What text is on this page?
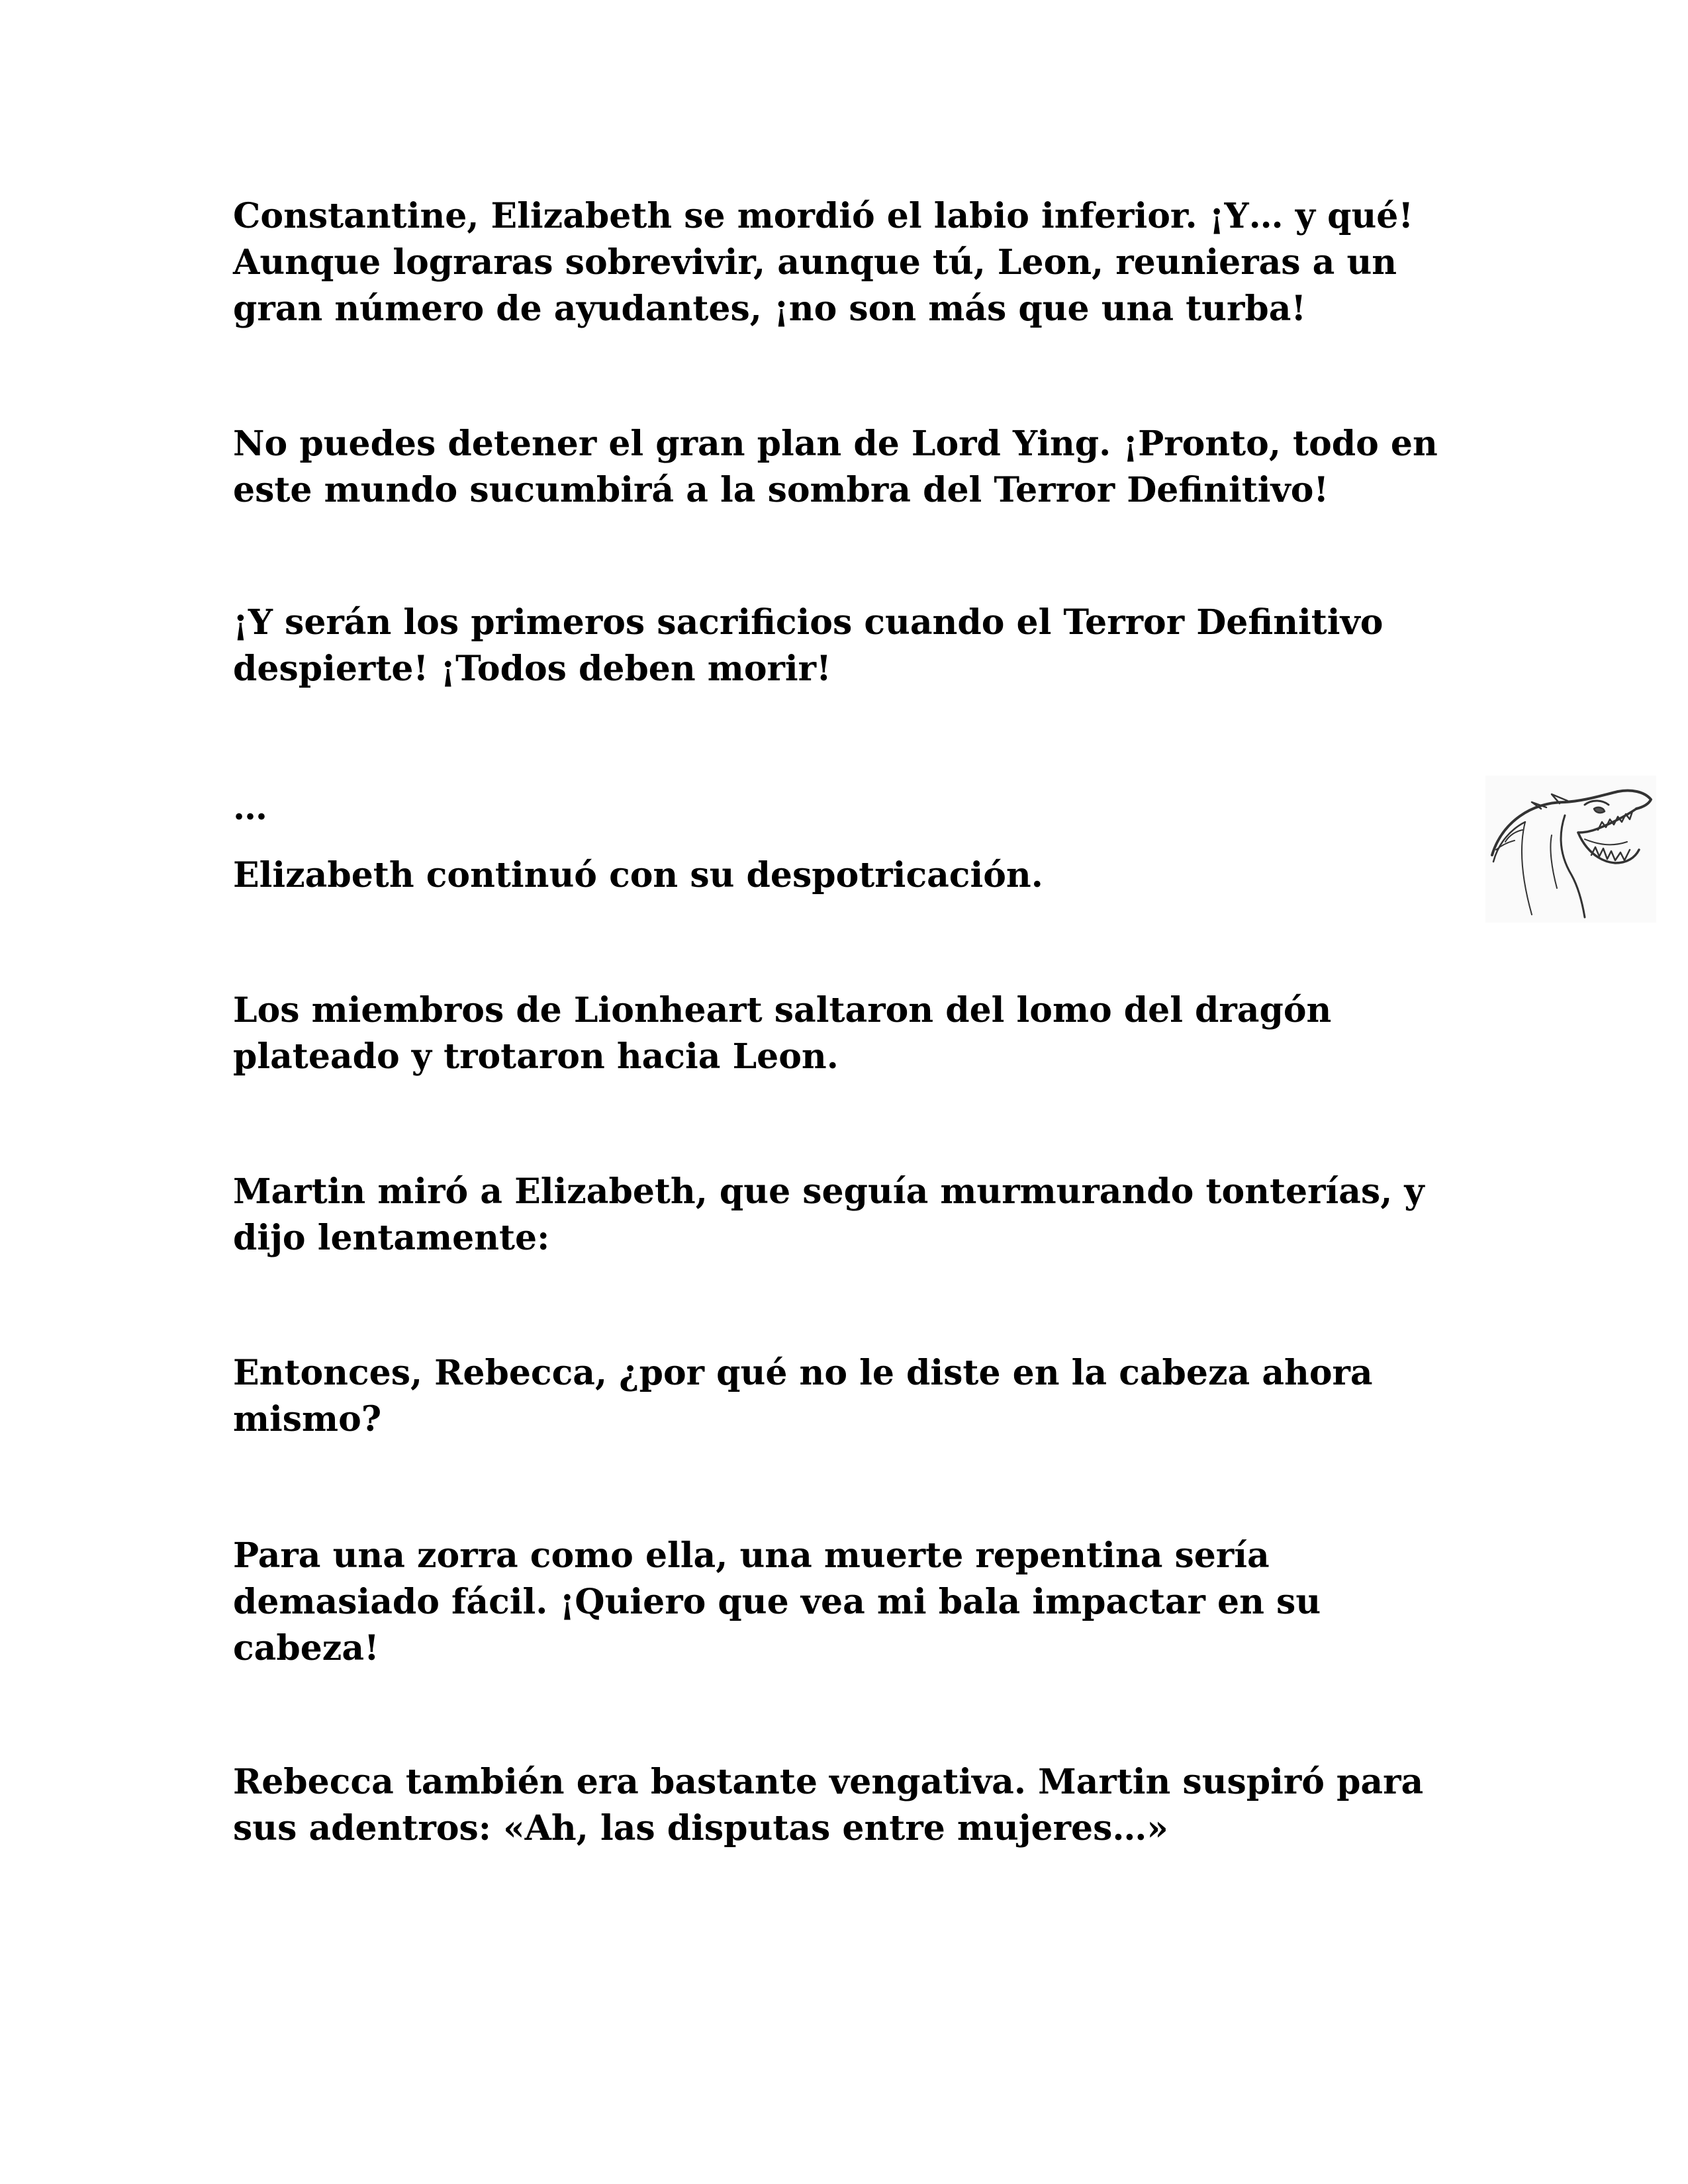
Constantine, Elizabeth se mordió el labio inferior. ¡Y… y qué! Aunque lograras sobrevivir, aunque tú, Leon, reunieras a un gran número de ayudantes, ¡no son más que una turba!

No puedes detener el gran plan de Lord Ying. ¡Pronto, todo en este mundo sucumbirá a la sombra del Terror Definitivo!

¡Y serán los primeros sacrificios cuando el Terror Definitivo despierte! ¡Todos deben morir!

…

Elizabeth continuó con su despotricación.

Los miembros de Lionheart saltaron del lomo del dragón plateado y trotaron hacia Leon.

Martin miró a Elizabeth, que seguía murmurando tonterías, y dijo lentamente:

Entonces, Rebecca, ¿por qué no le diste en la cabeza ahora mismo?

Para una zorra como ella, una muerte repentina sería demasiado fácil. ¡Quiero que vea mi bala impactar en su cabeza!

Rebecca también era bastante vengativa. Martin suspiró para sus adentros: «Ah, las disputas entre mujeres…»
